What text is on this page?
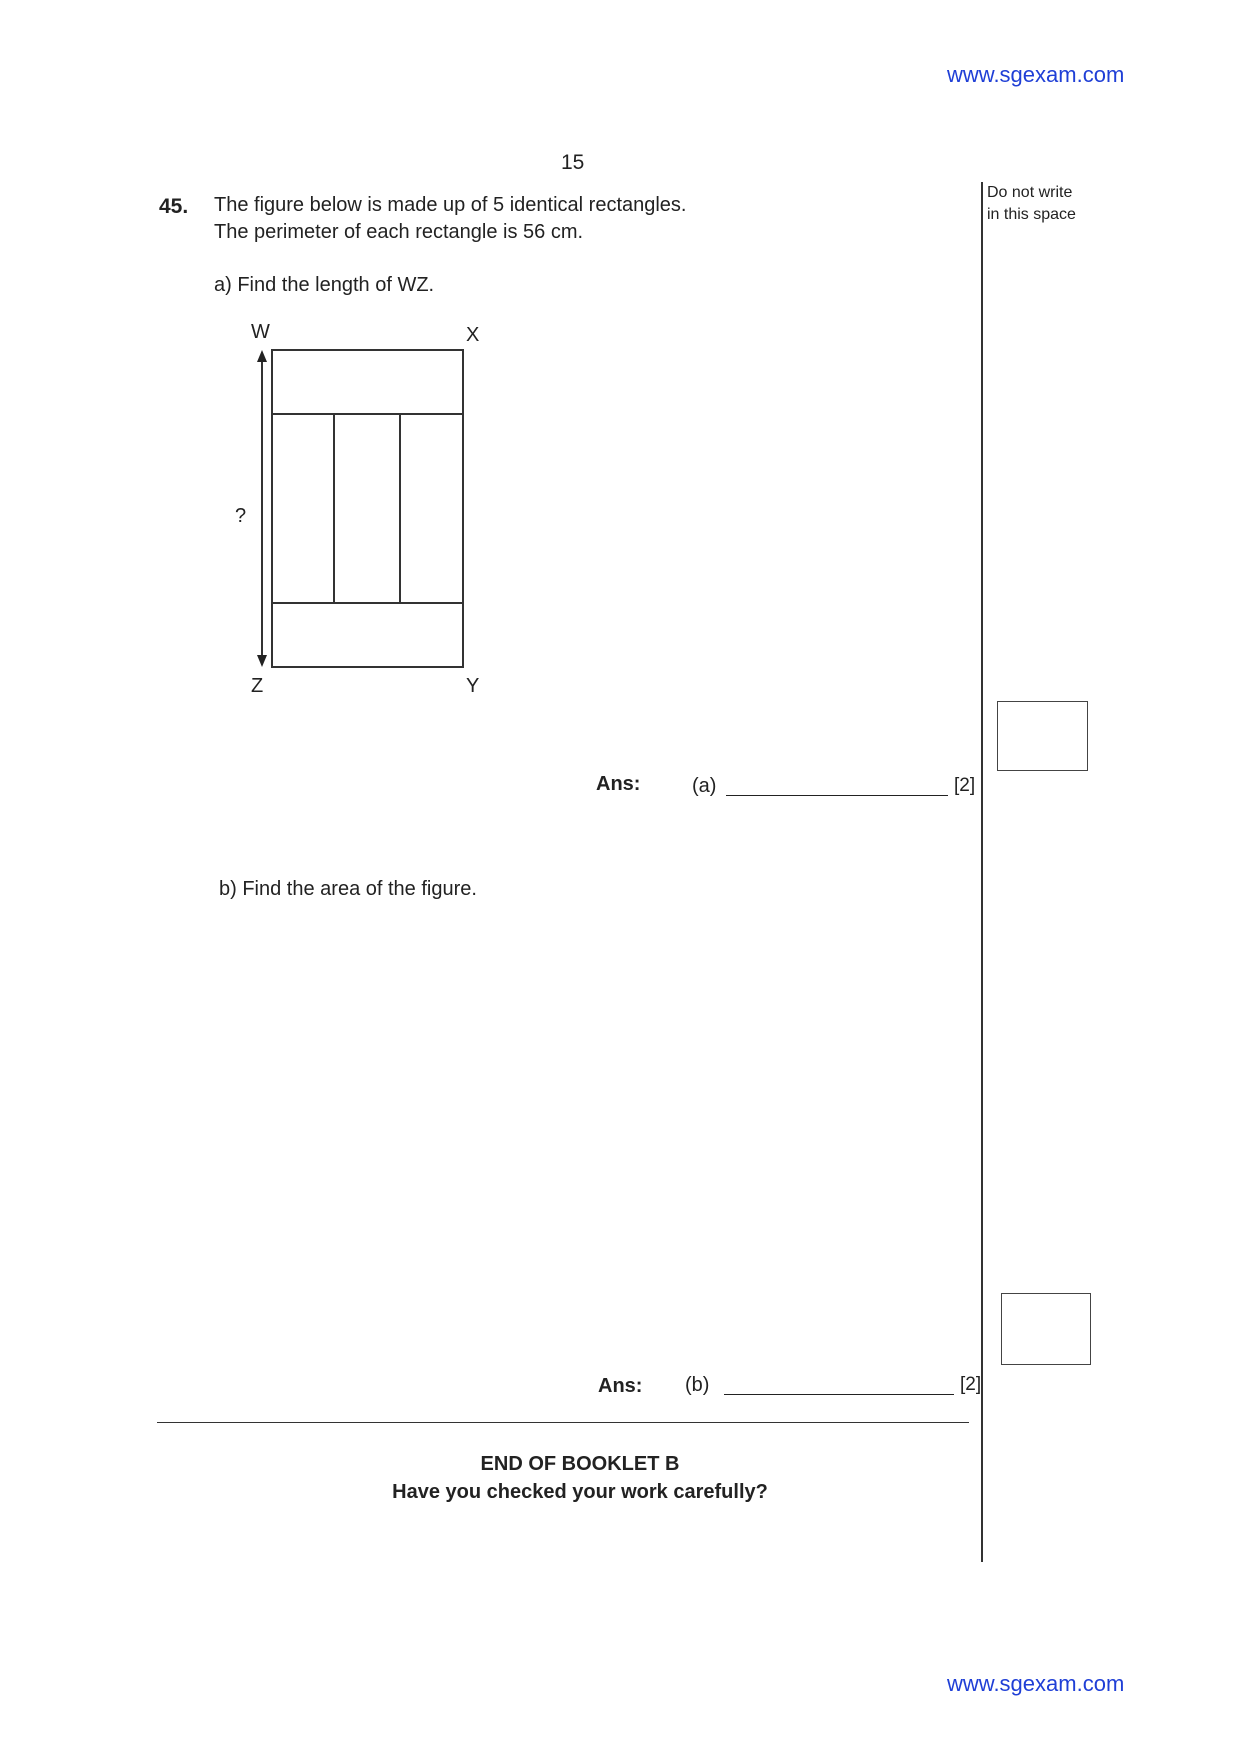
www.sgexam.com
15
Do not write
in this space
45. The figure below is made up of 5 identical rectangles.
The perimeter of each rectangle is 56 cm.
a) Find the length of WZ.
W	X
Z	Y
?
Ans:	(a)	[2]
b) Find the area of the figure.
Ans: (b)	[2]
END OF BOOKLET B
Have you checked your work carefully?
www.sgexam.com
